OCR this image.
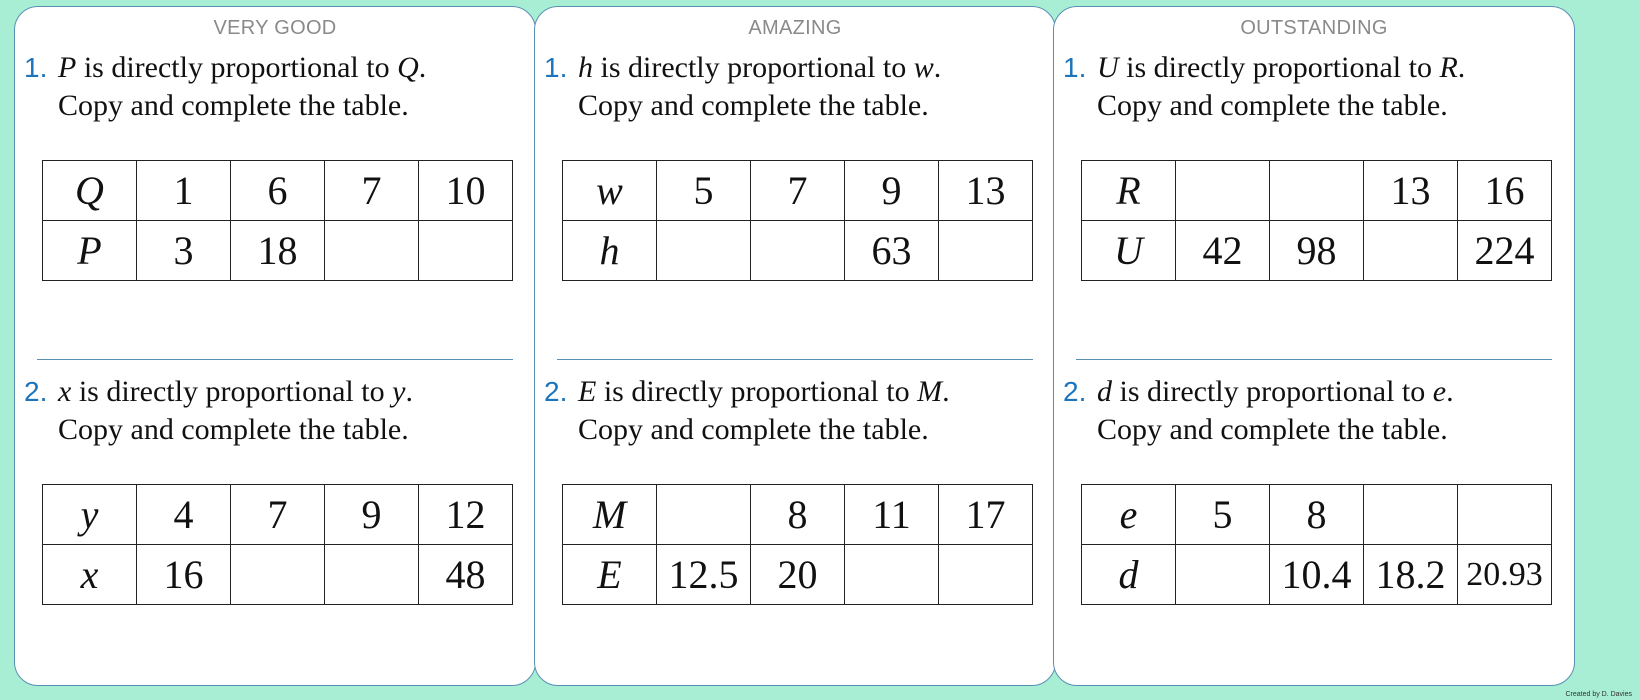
VERY GOOD
1. P is directly proportional to Q.
Copy and complete the table.
Q	1	6	7	10
P	3	18		
2. x is directly proportional to y.
Copy and complete the table.
y	4	7	9	12
x	16			48
AMAZING
1. h is directly proportional to w.
Copy and complete the table.
w	5	7	9	13
h			63	
2. E is directly proportional to M.
Copy and complete the table.
M		8	11	17
E	12.5	20		
OUTSTANDING
1. U is directly proportional to R.
Copy and complete the table.
R			13	16
U	42	98		224
2. d is directly proportional to e.
Copy and complete the table.
e	5	8		
d		10.4	18.2	20.93
Created by D. Davies
